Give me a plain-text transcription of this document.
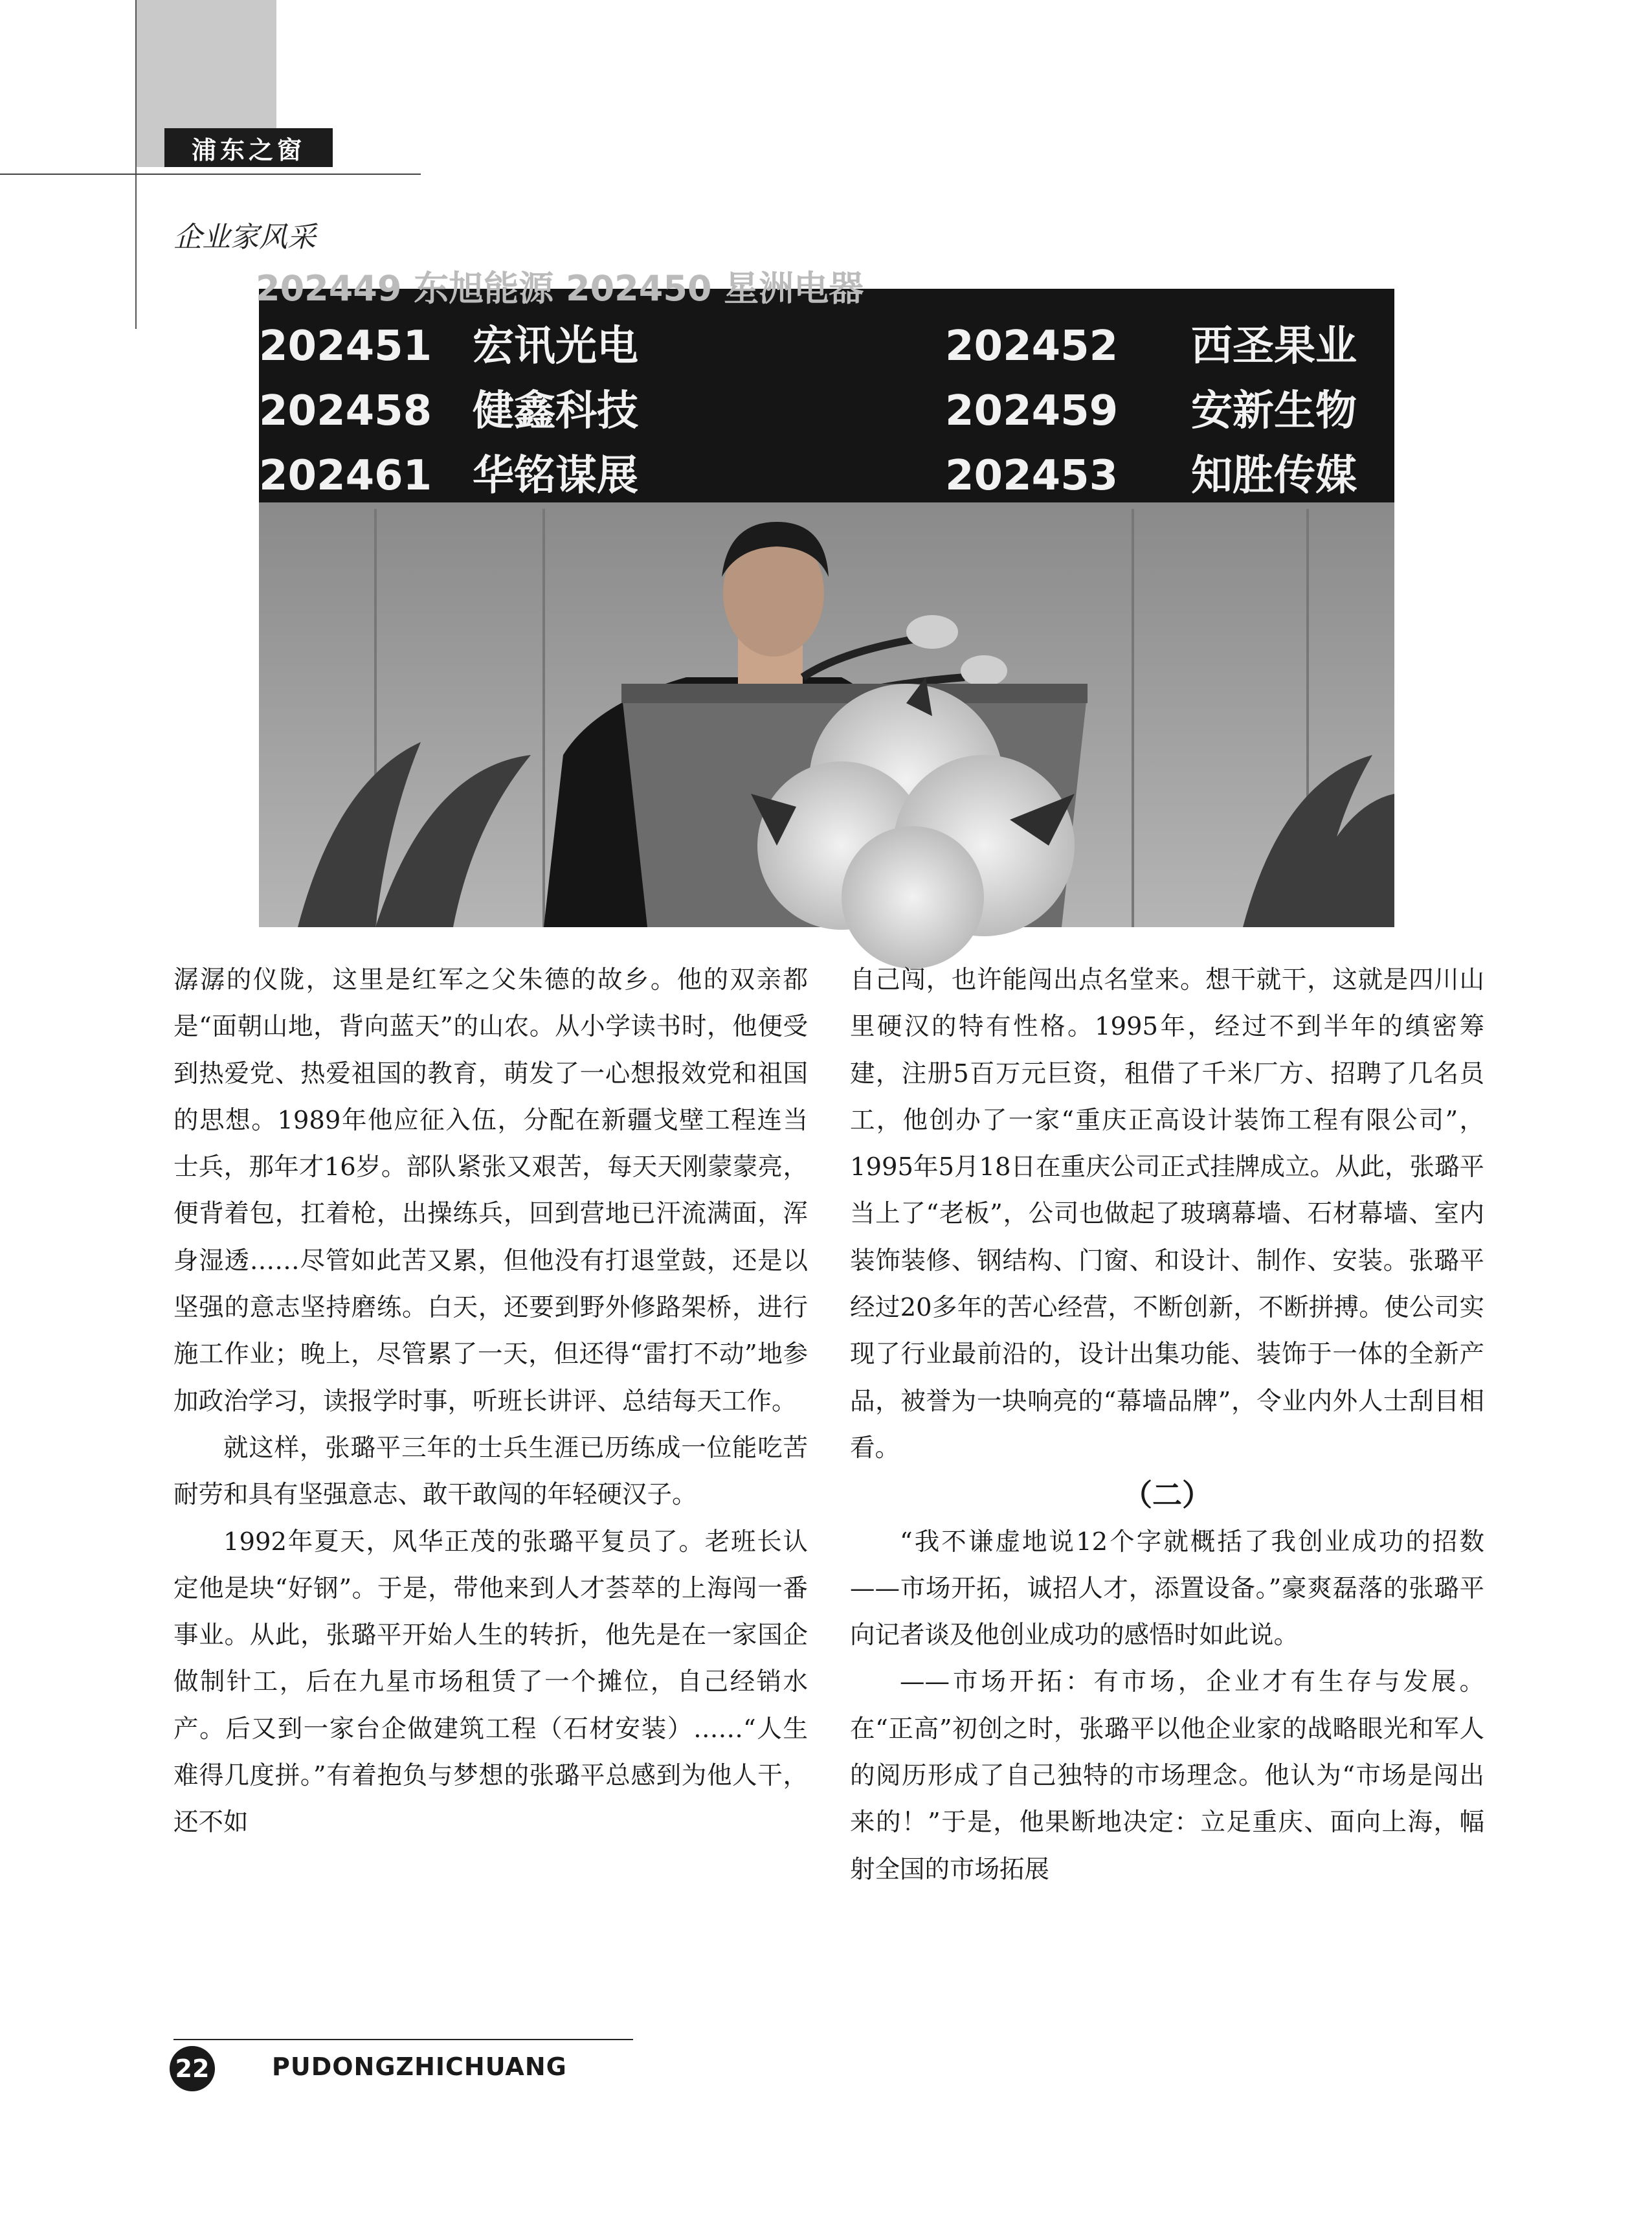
浦东之窗
企业家风采
202449 东旭能源 202450 星洲电器
202451 宏讯光电	202452 西圣果业
202458 健鑫科技	202459 安新生物
202461 华铭谋展	202453 知胜传媒

潺潺的仪陇，这里是红军之父朱德的故乡。他的双亲都是“面朝山地，背向蓝天”的山农。从小学读书时，他便受到热爱党、热爱祖国的教育，萌发了一心想报效党和祖国的思想。1989年他应征入伍，分配在新疆戈壁工程连当士兵，那年才16岁。部队紧张又艰苦，每天天刚蒙蒙亮，便背着包，扛着枪，出操练兵，回到营地已汗流满面，浑身湿透……尽管如此苦又累，但他没有打退堂鼓，还是以坚强的意志坚持磨练。白天，还要到野外修路架桥，进行施工作业；晚上，尽管累了一天，但还得“雷打不动”地参加政治学习，读报学时事，听班长讲评、总结每天工作。

就这样，张璐平三年的士兵生涯已历练成一位能吃苦耐劳和具有坚强意志、敢干敢闯的年轻硬汉子。

1992年夏天，风华正茂的张璐平复员了。老班长认定他是块“好钢”。于是，带他来到人才荟萃的上海闯一番事业。从此，张璐平开始人生的转折，他先是在一家国企做制针工，后在九星市场租赁了一个摊位，自己经销水产。后又到一家台企做建筑工程（石材安装）……“人生难得几度拼。”有着抱负与梦想的张璐平总感到为他人干，还不如

自己闯，也许能闯出点名堂来。想干就干，这就是四川山里硬汉的特有性格。1995年，经过不到半年的缜密筹建，注册5百万元巨资，租借了千米厂方、招聘了几名员工，他创办了一家“重庆正高设计装饰工程有限公司”， 1995年5月18日在重庆公司正式挂牌成立。从此，张璐平当上了“老板”，公司也做起了玻璃幕墙、石材幕墙、室内装饰装修、钢结构、门窗、和设计、制作、安装。张璐平经过20多年的苦心经营，不断创新，不断拼搏。使公司实现了行业最前沿的，设计出集功能、装饰于一体的全新产品，被誉为一块响亮的“幕墙品牌”，令业内外人士刮目相看。

（二）

“我不谦虚地说12个字就概括了我创业成功的招数——市场开拓，诚招人才，添置设备。”豪爽磊落的张璐平向记者谈及他创业成功的感悟时如此说。

——市场开拓：有市场，企业才有生存与发展。在“正高”初创之时，张璐平以他企业家的战略眼光和军人的阅历形成了自己独特的市场理念。他认为“市场是闯出来的！”于是，他果断地决定：立足重庆、面向上海，幅射全国的市场拓展

22	PUDONGZHICHUANG
